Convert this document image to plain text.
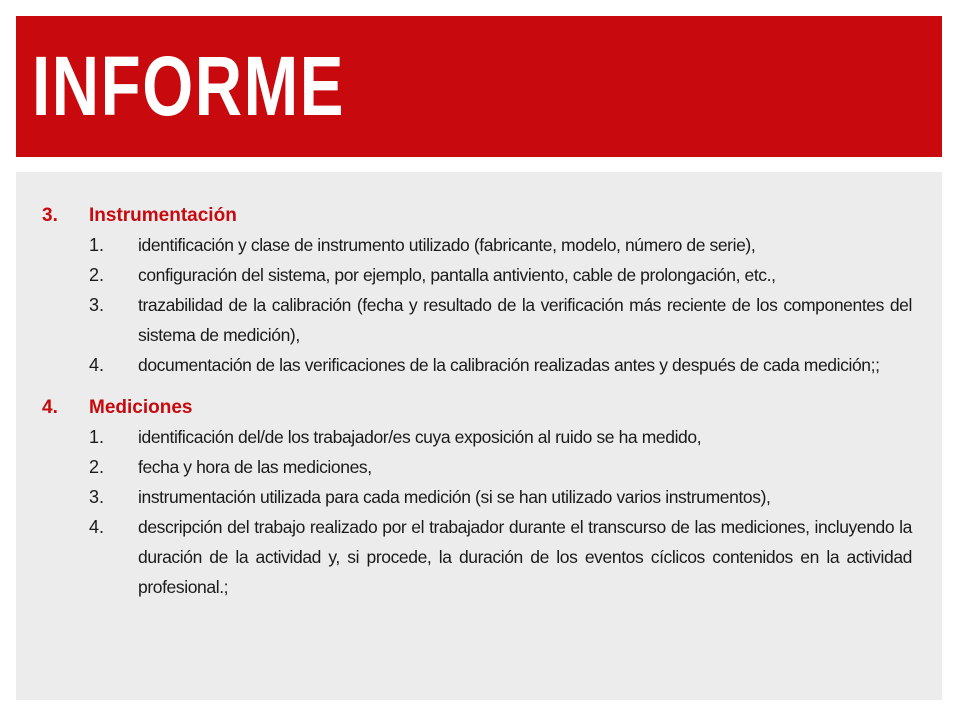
INFORME
3.	Instrumentación
1.	identificación y clase de instrumento utilizado (fabricante, modelo, número de serie),
2.	configuración del sistema, por ejemplo, pantalla antiviento, cable de prolongación, etc.,
3.	trazabilidad de la calibración (fecha y resultado de la verificación más reciente de los componentes del sistema de medición),
4.	documentación de las verificaciones de la calibración realizadas antes y después de cada medición;;
4.	Mediciones
1.	identificación del/de los trabajador/es cuya exposición al ruido se ha medido,
2.	fecha y hora de las mediciones,
3.	instrumentación utilizada para cada medición (si se han utilizado varios instrumentos),
4.	descripción del trabajo realizado por el trabajador durante el transcurso de las mediciones, incluyendo la duración de la actividad y, si procede, la duración de los eventos cíclicos contenidos en la actividad profesional.;
